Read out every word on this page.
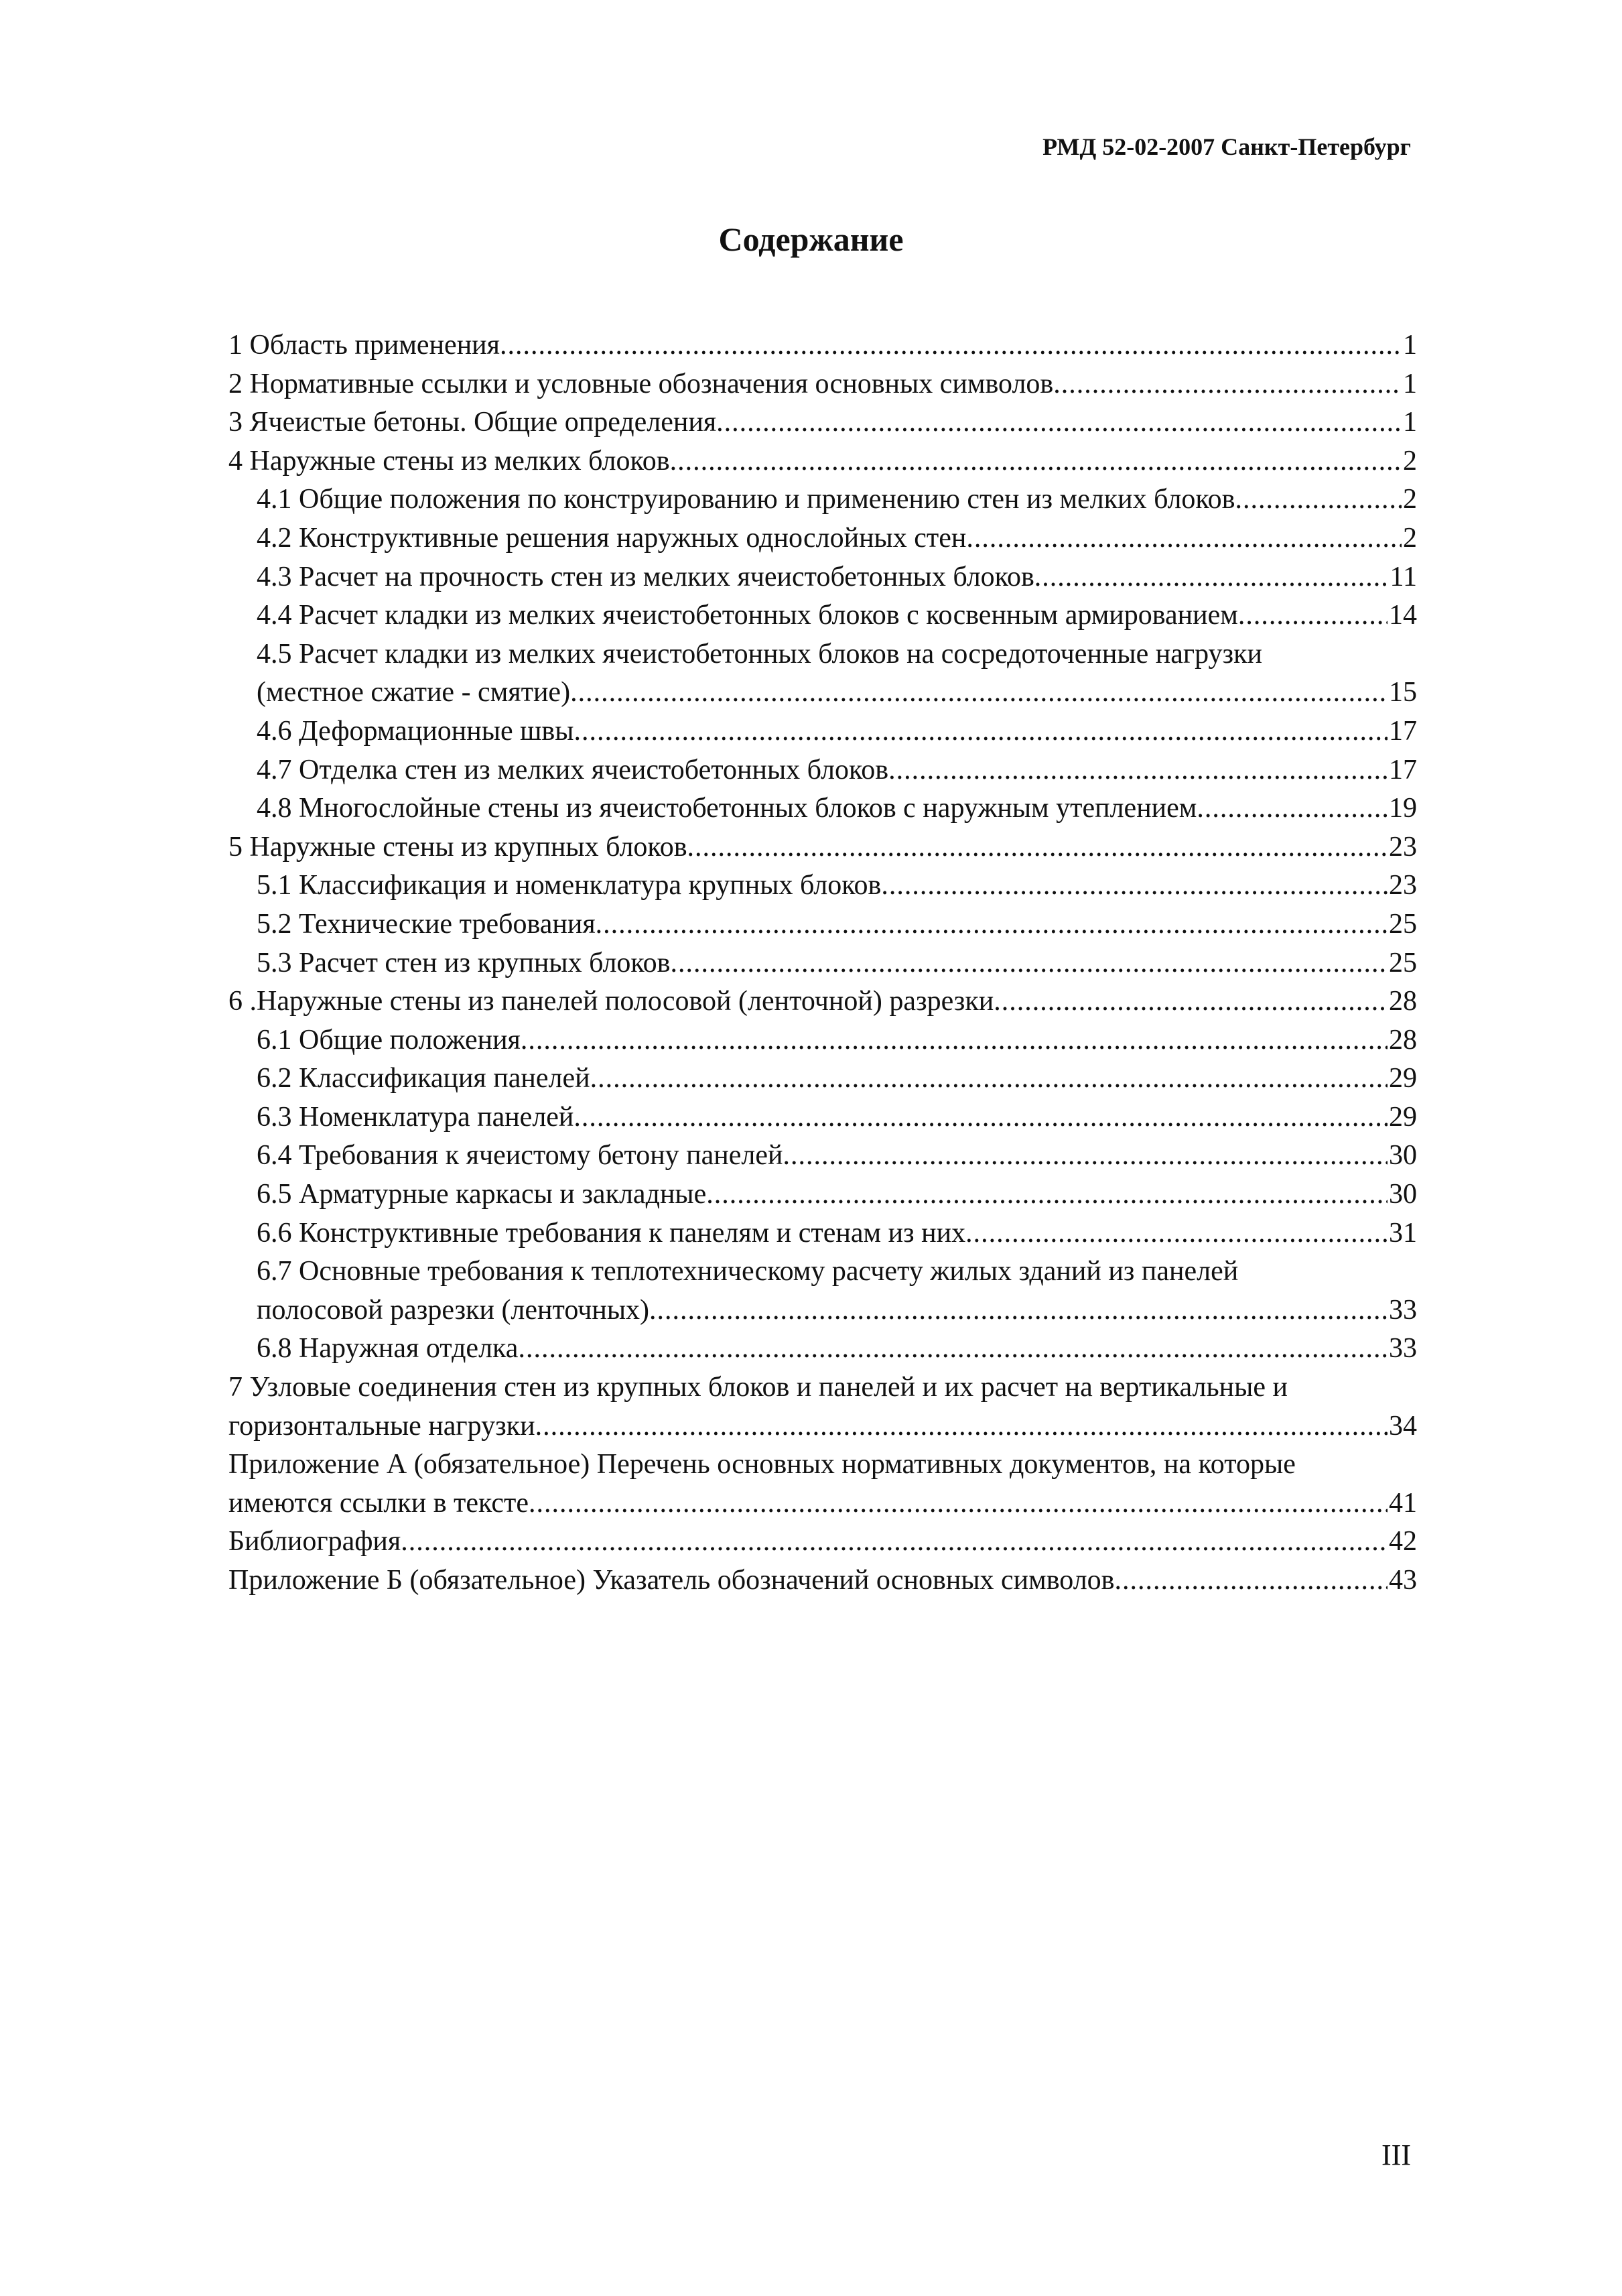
РМД 52-02-2007 Санкт-Петербург
Содержание
1 Область применения .....	1
2 Нормативные ссылки и условные обозначения основных символов .....	1
3 Ячеистые бетоны. Общие определения .....	1
4 Наружные стены из мелких блоков .....	2
4.1 Общие положения по конструированию и применению стен из мелких блоков .....	2
4.2 Конструктивные решения наружных однослойных стен .....	2
4.3 Расчет на прочность стен из мелких ячеистобетонных блоков .....	11
4.4 Расчет кладки из мелких ячеистобетонных блоков с косвенным армированием .....	14
4.5 Расчет кладки из мелких ячеистобетонных блоков на сосредоточенные нагрузки
(местное сжатие - смятие) .....	15
4.6 Деформационные швы .....	17
4.7 Отделка стен из мелких ячеистобетонных блоков .....	17
4.8 Многослойные стены из ячеистобетонных блоков с наружным утеплением .....	19
5 Наружные стены из крупных блоков .....	23
5.1 Классификация и номенклатура крупных блоков .....	23
5.2 Технические требования .....	25
5.3 Расчет стен из крупных блоков .....	25
6 .Наружные стены из панелей полосовой (ленточной) разрезки .....	28
6.1 Общие положения .....	28
6.2 Классификация панелей .....	29
6.3 Номенклатура панелей .....	29
6.4 Требования к ячеистому бетону панелей .....	30
6.5 Арматурные каркасы и закладные .....	30
6.6 Конструктивные требования к панелям и стенам из них .....	31
6.7 Основные требования к теплотехническому расчету жилых зданий из панелей
полосовой разрезки (ленточных) .....	33
6.8 Наружная отделка .....	33
7 Узловые соединения стен из крупных блоков и панелей и их расчет на вертикальные и
горизонтальные нагрузки .....	34
Приложение А (обязательное) Перечень основных нормативных документов, на которые
имеются ссылки в тексте .....	41
Библиография .....	42
Приложение Б (обязательное) Указатель обозначений основных символов .....	43
III
